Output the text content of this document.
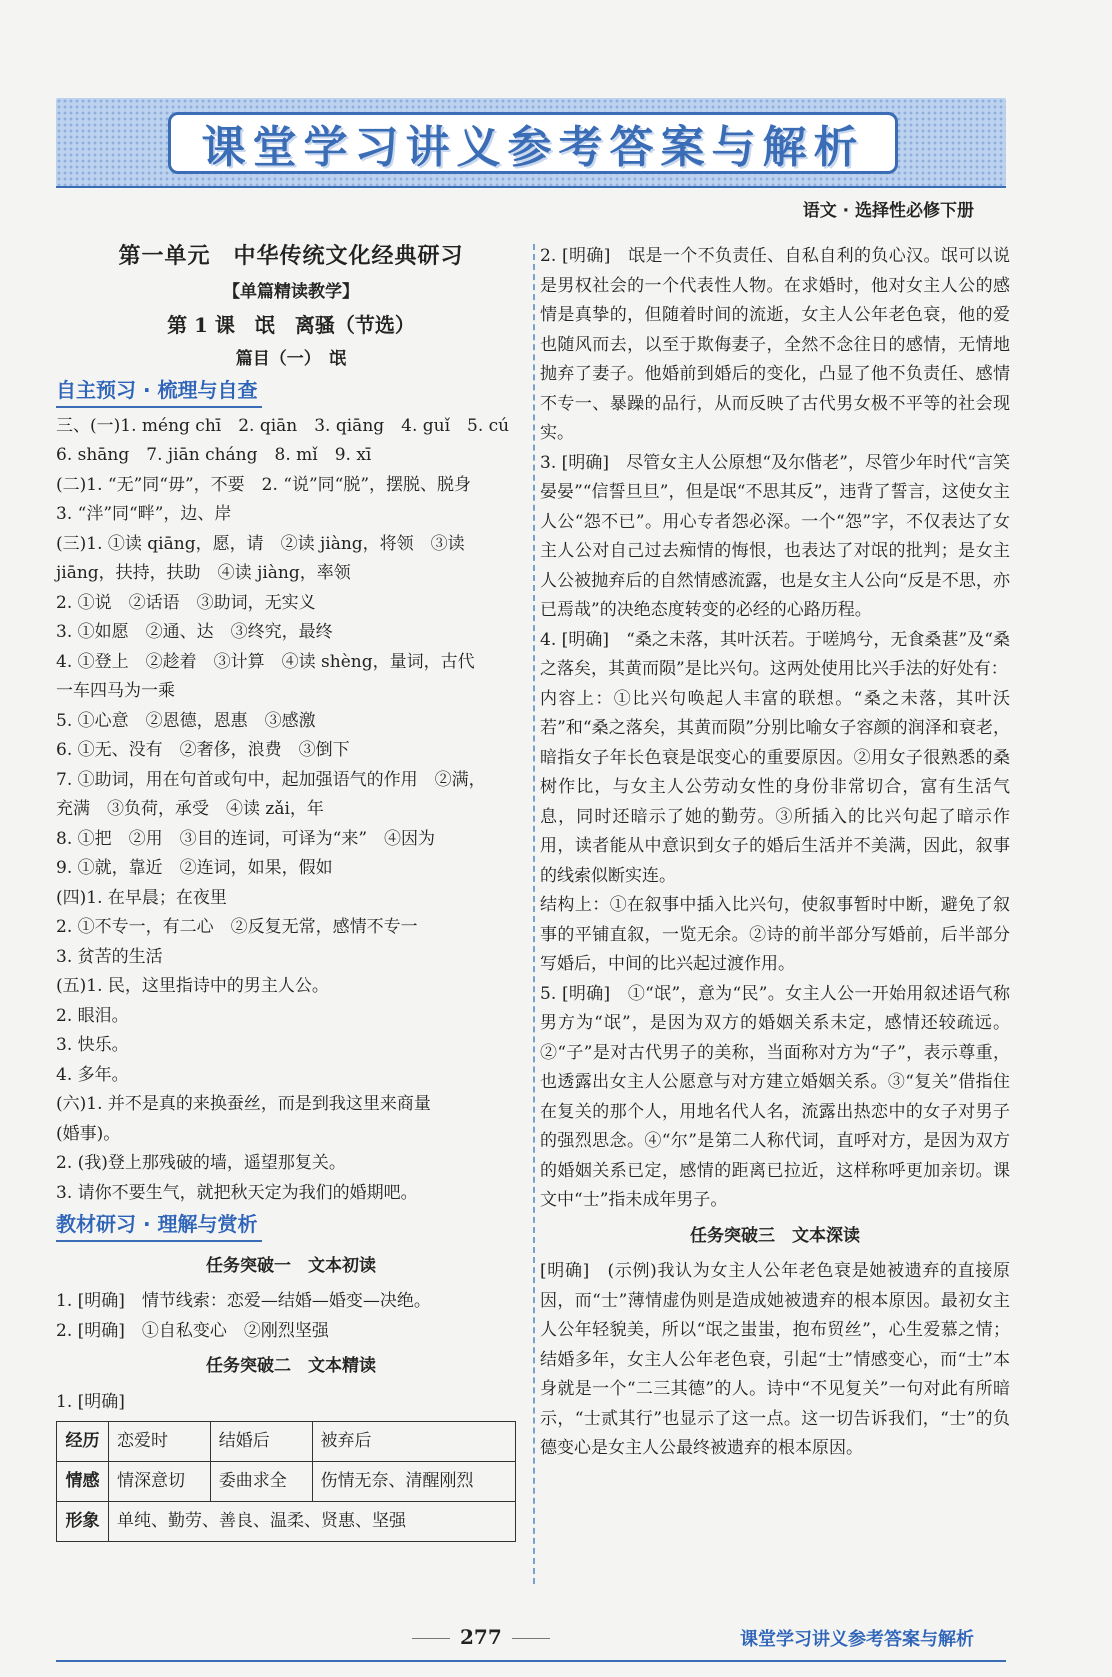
课堂学习讲义参考答案与解析
语文 · 选择性必修下册
第一单元　中华传统文化经典研习
【单篇精读教学】
第 1 课　氓　离骚（节选）
篇目（一）　氓
自主预习 · 梳理与自查
三、(一)1. méng chī　2. qiān　3. qiāng　4. guǐ　5. cú
6. shāng　7. jiān cháng　8. mǐ　9. xī
(二)1. “无”同“毋”，不要　2. “说”同“脱”，摆脱、脱身
3. “泮”同“畔”，边、岸
(三)1. ①读 qiāng，愿，请　②读 jiàng，将领　③读
jiāng，扶持，扶助　④读 jiàng，率领
2. ①说　②话语　③助词，无实义
3. ①如愿　②通、达　③终究，最终
4. ①登上　②趁着　③计算　④读 shèng，量词，古代
一车四马为一乘
5. ①心意　②恩德，恩惠　③感激
6. ①无、没有　②奢侈，浪费　③倒下
7. ①助词，用在句首或句中，起加强语气的作用　②满，
充满　③负荷，承受　④读 zǎi，年
8. ①把　②用　③目的连词，可译为“来”　④因为
9. ①就，靠近　②连词，如果，假如
(四)1. 在早晨；在夜里
2. ①不专一，有二心　②反复无常，感情不专一
3. 贫苦的生活
(五)1. 民，这里指诗中的男主人公。
2. 眼泪。
3. 快乐。
4. 多年。
(六)1. 并不是真的来换蚕丝，而是到我这里来商量
(婚事)。
2. (我)登上那残破的墙，遥望那复关。
3. 请你不要生气，就把秋天定为我们的婚期吧。
教材研习 · 理解与赏析
任务突破一　文本初读
1. [明确]　情节线索：恋爱—结婚—婚变—决绝。
2. [明确]　①自私变心　②刚烈坚强
任务突破二　文本精读
1. [明确]
经历	恋爱时	结婚后	被弃后
情感	情深意切	委曲求全	伤情无奈、清醒刚烈
形象	单纯、勤劳、善良、温柔、贤惠、坚强		
2. [明确]　氓是一个不负责任、自私自利的负心汉。氓可以说是男权社会的一个代表性人物。在求婚时，他对女主人公的感情是真挚的，但随着时间的流逝，女主人公年老色衰，他的爱也随风而去，以至于欺侮妻子，全然不念往日的感情，无情地抛弃了妻子。他婚前到婚后的变化，凸显了他不负责任、感情不专一、暴躁的品行，从而反映了古代男女极不平等的社会现实。
3. [明确]　尽管女主人公原想“及尔偕老”，尽管少年时代“言笑晏晏”“信誓旦旦”，但是氓“不思其反”，违背了誓言，这使女主人公“怨不已”。用心专者怨必深。一个“怨”字，不仅表达了女主人公对自己过去痴情的悔恨，也表达了对氓的批判；是女主人公被抛弃后的自然情感流露，也是女主人公向“反是不思，亦已焉哉”的决绝态度转变的必经的心路历程。
4. [明确]　“桑之未落，其叶沃若。于嗟鸠兮，无食桑葚”及“桑之落矣，其黄而陨”是比兴句。这两处使用比兴手法的好处有：
内容上：①比兴句唤起人丰富的联想。“桑之未落，其叶沃若”和“桑之落矣，其黄而陨”分别比喻女子容颜的润泽和衰老，暗指女子年长色衰是氓变心的重要原因。②用女子很熟悉的桑树作比，与女主人公劳动女性的身份非常切合，富有生活气息，同时还暗示了她的勤劳。③所插入的比兴句起了暗示作用，读者能从中意识到女子的婚后生活并不美满，因此，叙事的线索似断实连。
结构上：①在叙事中插入比兴句，使叙事暂时中断，避免了叙事的平铺直叙，一览无余。②诗的前半部分写婚前，后半部分写婚后，中间的比兴起过渡作用。
5. [明确]　①“氓”，意为“民”。女主人公一开始用叙述语气称男方为“氓”，是因为双方的婚姻关系未定，感情还较疏远。②“子”是对古代男子的美称，当面称对方为“子”，表示尊重，也透露出女主人公愿意与对方建立婚姻关系。③“复关”借指住在复关的那个人，用地名代人名，流露出热恋中的女子对男子的强烈思念。④“尔”是第二人称代词，直呼对方，是因为双方的婚姻关系已定，感情的距离已拉近，这样称呼更加亲切。课文中“士”指未成年男子。
任务突破三　文本深读
[明确]　(示例)我认为女主人公年老色衰是她被遗弃的直接原因，而“士”薄情虚伪则是造成她被遗弃的根本原因。最初女主人公年轻貌美，所以“氓之蚩蚩，抱布贸丝”，心生爱慕之情；结婚多年，女主人公年老色衰，引起“士”情感变心，而“士”本身就是一个“二三其德”的人。诗中“不见复关”一句对此有所暗示，“士贰其行”也显示了这一点。这一切告诉我们，“士”的负德变心是女主人公最终被遗弃的根本原因。
277	课堂学习讲义参考答案与解析
